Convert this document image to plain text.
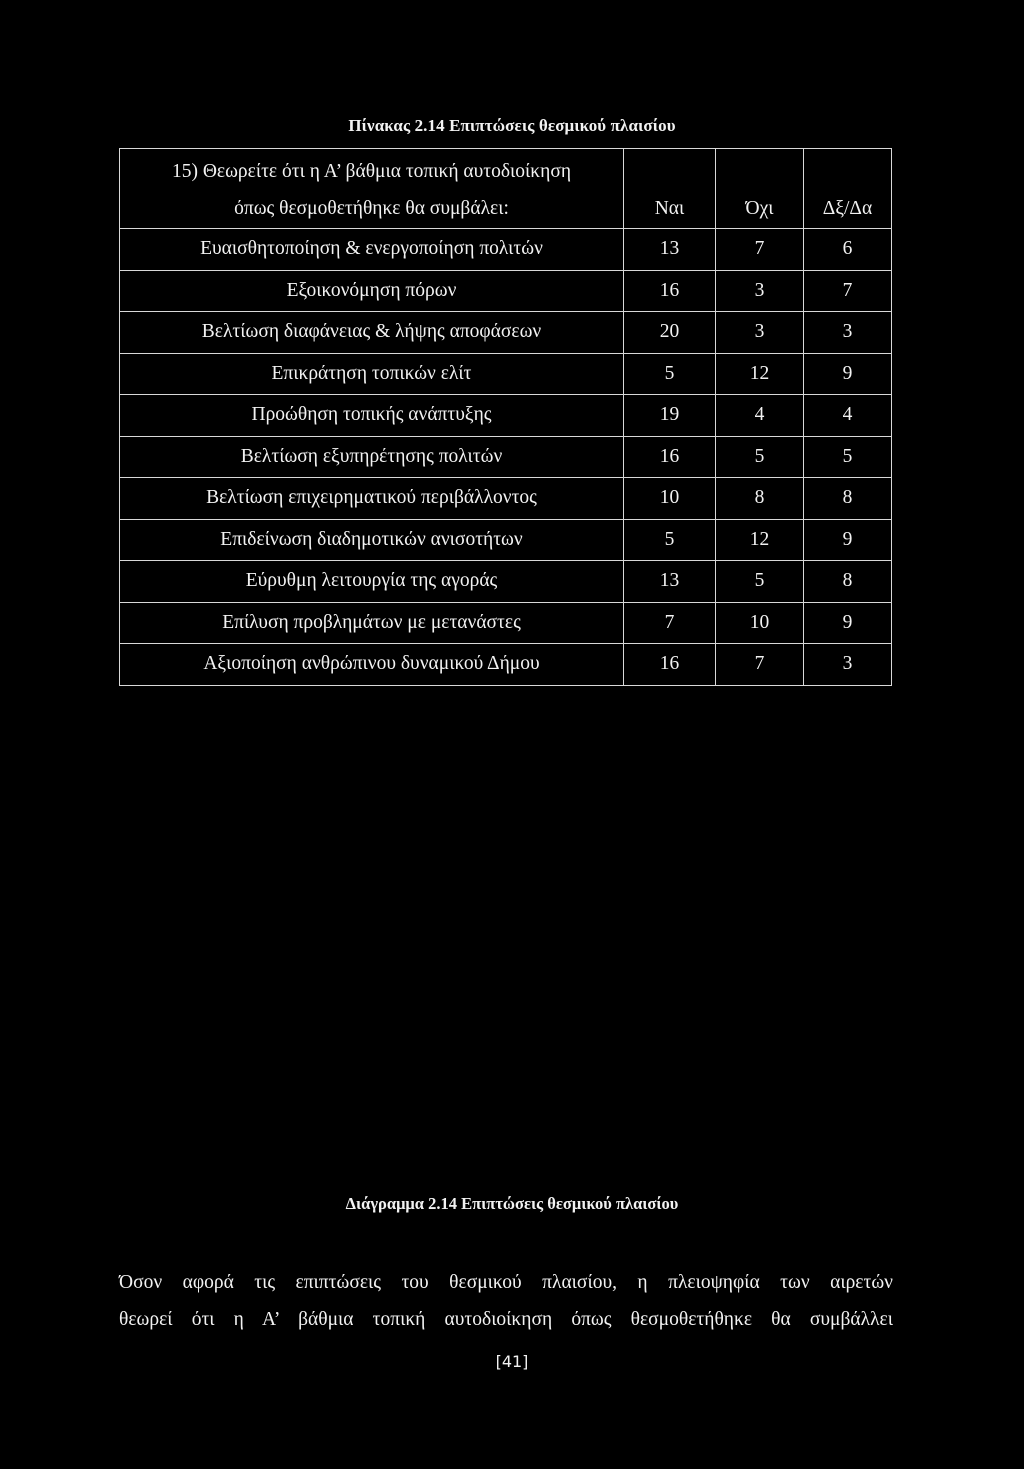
Πίνακας 2.14 Επιπτώσεις θεσμικού πλαισίου
15) Θεωρείτε ότι η Α’ βάθμια τοπική αυτοδιοίκηση
όπως θεσμοθετήθηκε θα συμβάλει:	Ναι	Όχι	Δξ/Δα
Ευαισθητοποίηση & ενεργοποίηση πολιτών	13	7	6
Εξοικονόμηση πόρων	16	3	7
Βελτίωση διαφάνειας & λήψης αποφάσεων	20	3	3
Επικράτηση τοπικών ελίτ	5	12	9
Προώθηση τοπικής ανάπτυξης	19	4	4
Βελτίωση εξυπηρέτησης πολιτών	16	5	5
Βελτίωση επιχειρηματικού περιβάλλοντος	10	8	8
Επιδείνωση διαδημοτικών ανισοτήτων	5	12	9
Εύρυθμη λειτουργία της αγοράς	13	5	8
Επίλυση προβλημάτων με μετανάστες	7	10	9
Αξιοποίηση ανθρώπινου δυναμικού Δήμου	16	7	3
Διάγραμμα 2.14 Επιπτώσεις θεσμικού πλαισίου
Όσον αφορά τις επιπτώσεις του θεσμικού πλαισίου, η πλειοψηφία των αιρετών
θεωρεί ότι η Α’ βάθμια τοπική αυτοδιοίκηση όπως θεσμοθετήθηκε θα συμβάλλει
[41]
